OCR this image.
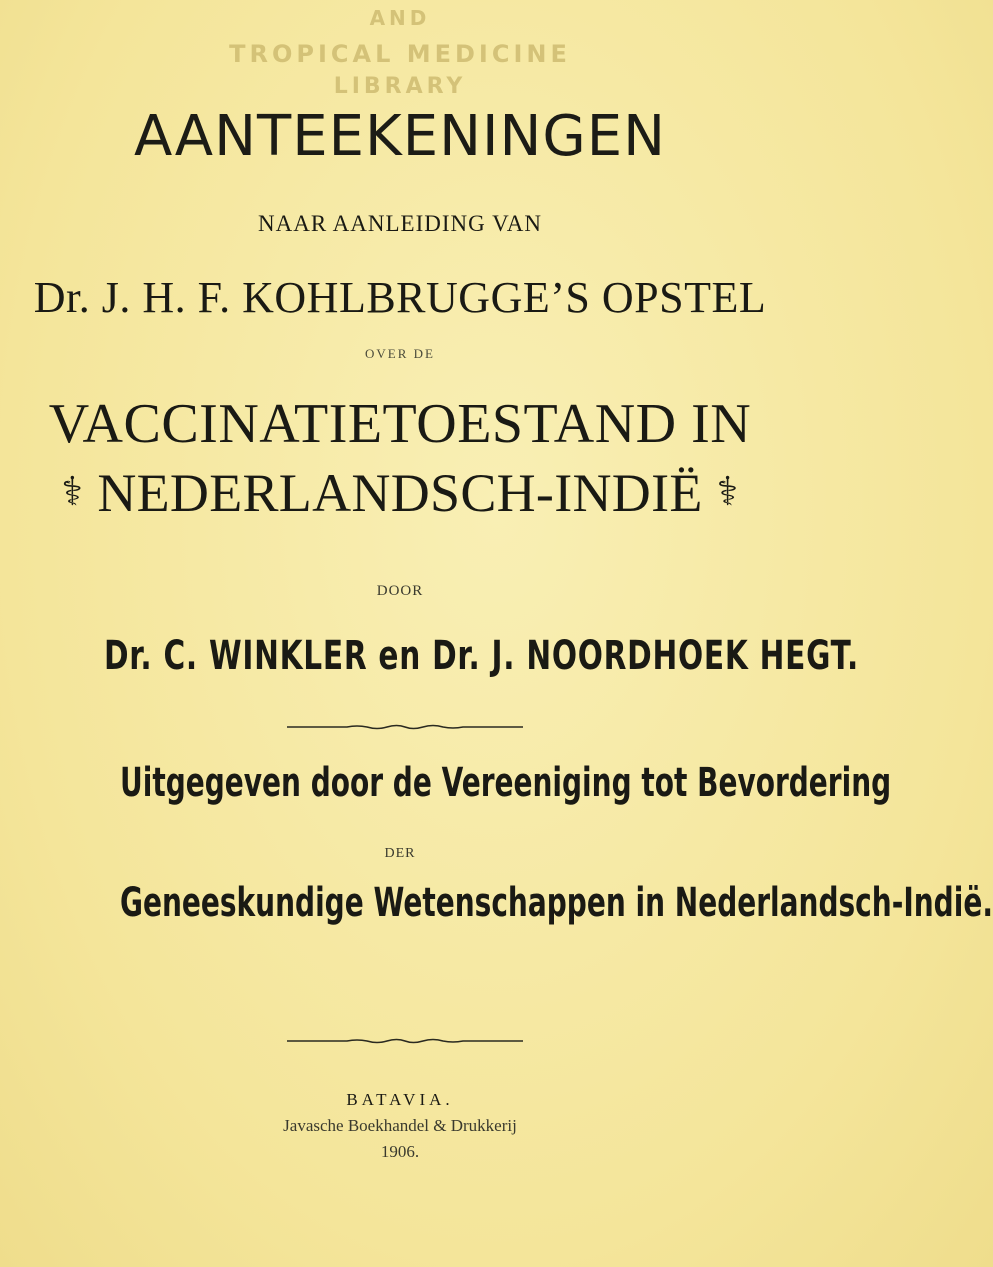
AND
TROPICAL MEDICINE
LIBRARY
AANTEEKENINGEN
NAAR AANLEIDING VAN
Dr. J. H. F. KOHLBRUGGE’S OPSTEL
OVER DE
VACCINATIETOESTAND IN
⚕ NEDERLANDSCH-INDIË ⚕
DOOR
Dr. C. WINKLER en Dr. J. NOORDHOEK HEGT.
Uitgegeven door de Vereeniging tot Bevordering
DER
Geneeskundige Wetenschappen in Nederlandsch-Indië.
BATAVIA.
Javasche Boekhandel & Drukkerij
1906.
